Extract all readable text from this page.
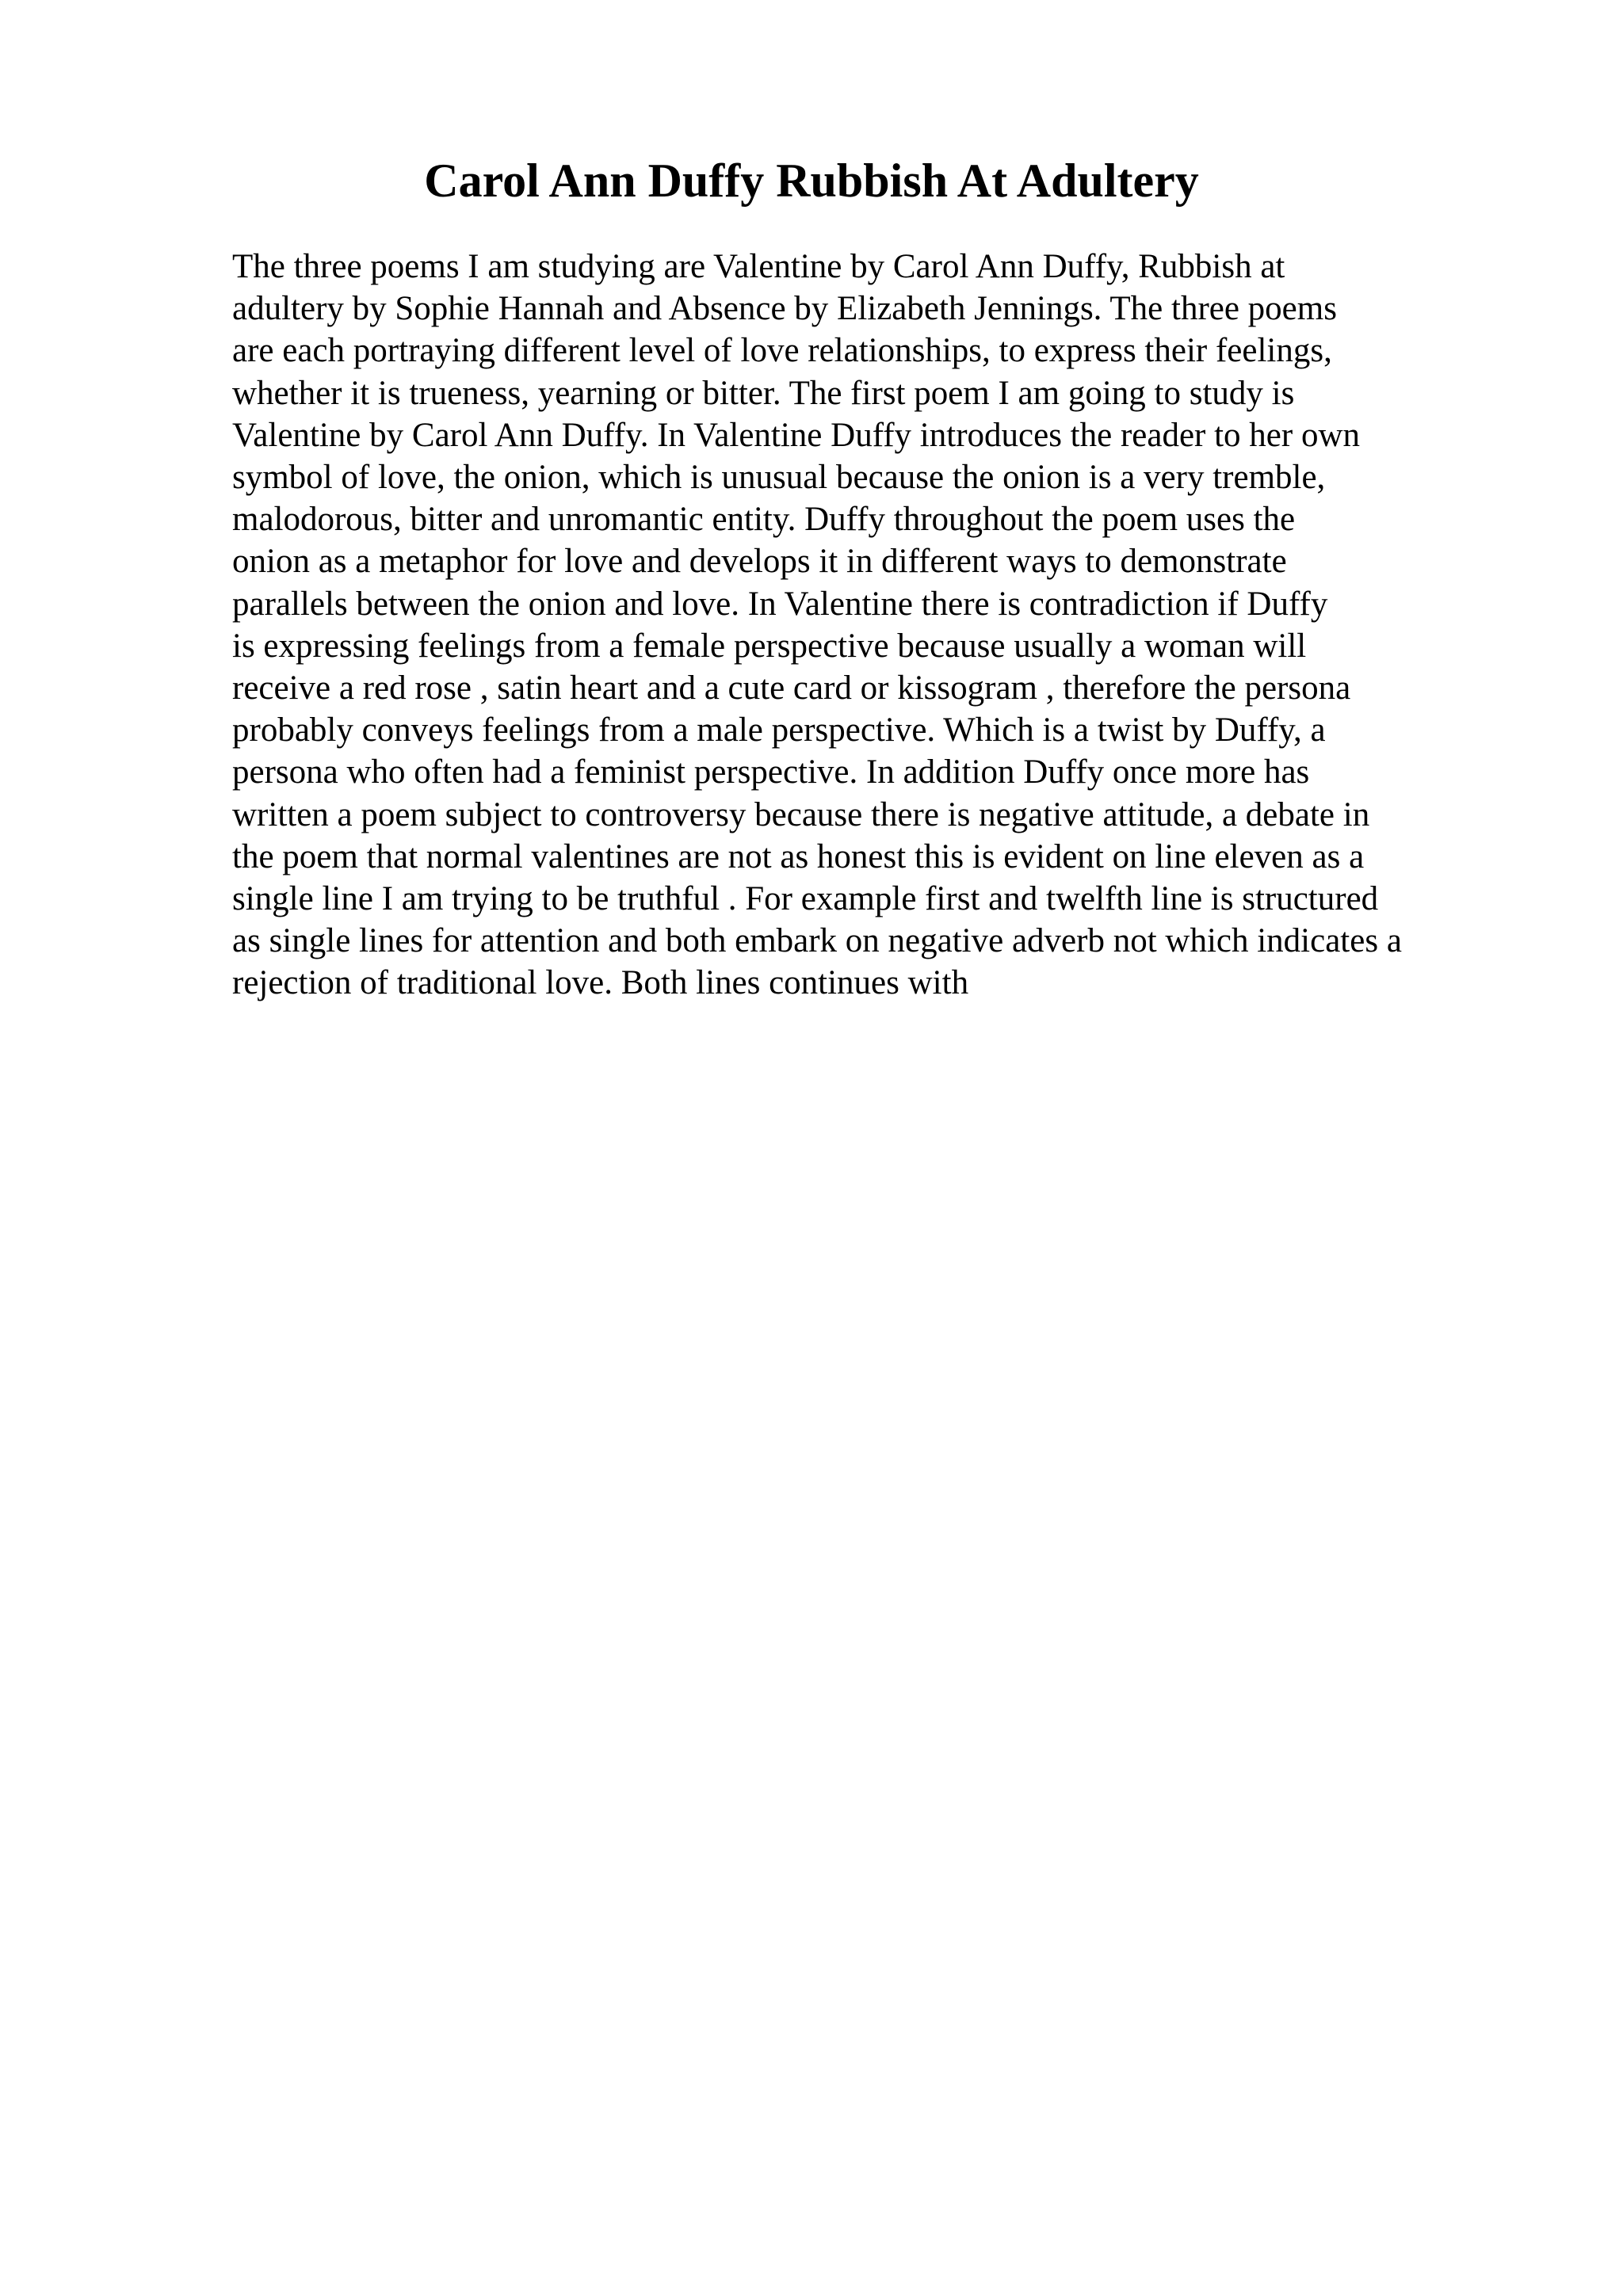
Carol Ann Duffy Rubbish At Adultery

The three poems I am studying are Valentine by Carol Ann Duffy, Rubbish at
adultery by Sophie Hannah and Absence by Elizabeth Jennings. The three poems
are each portraying different level of love relationships, to express their feelings,
whether it is trueness, yearning or bitter. The first poem I am going to study is
Valentine by Carol Ann Duffy. In Valentine Duffy introduces the reader to her own
symbol of love, the onion, which is unusual because the onion is a very tremble,
malodorous, bitter and unromantic entity. Duffy throughout the poem uses the
onion as a metaphor for love and develops it in different ways to demonstrate
parallels between the onion and love. In Valentine there is contradiction if Duffy
is expressing feelings from a female perspective because usually a woman will
receive a red rose , satin heart and a cute card or kissogram , therefore the persona
probably conveys feelings from a male perspective. Which is a twist by Duffy, a
persona who often had a feminist perspective. In addition Duffy once more has
written a poem subject to controversy because there is negative attitude, a debate in
the poem that normal valentines are not as honest this is evident on line eleven as a
single line I am trying to be truthful . For example first and twelfth line is structured
as single lines for attention and both embark on negative adverb not which indicates a
rejection of traditional love. Both lines continues with
